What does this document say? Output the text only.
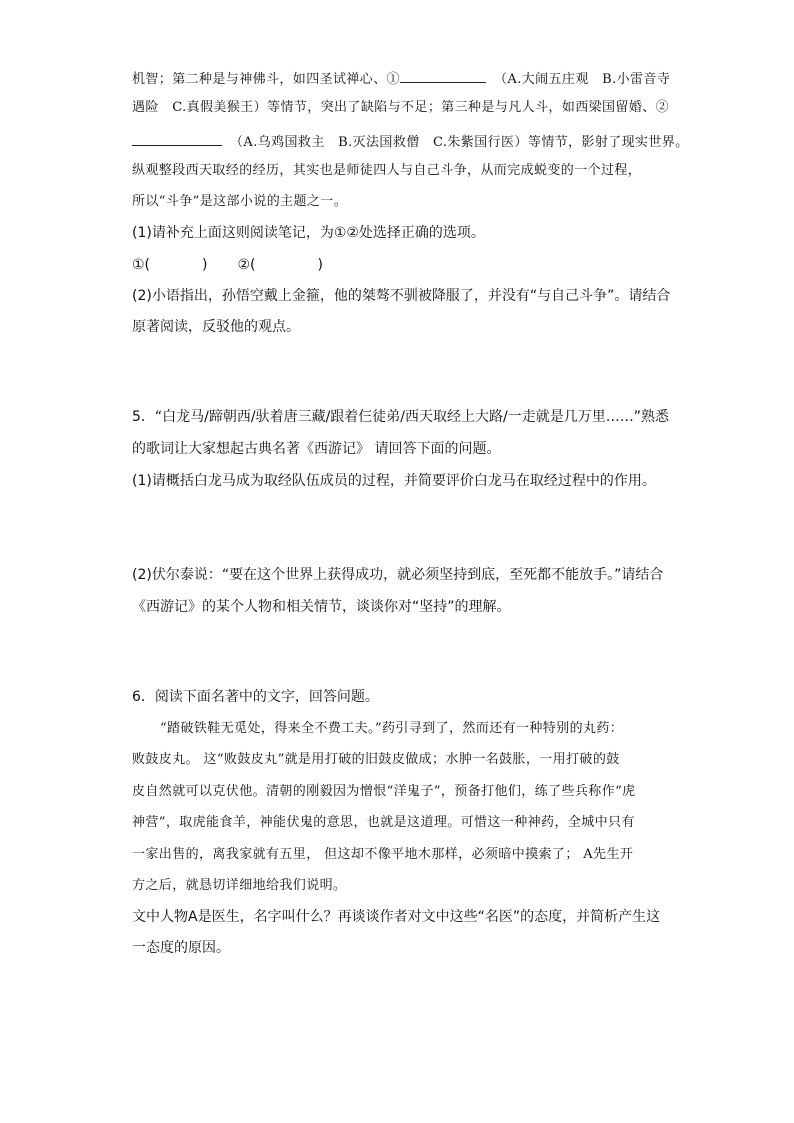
机智；第二种是与神佛斗，如四圣试禅心、①	（A.大闹五庄观　B.小雷音寺
遇险　C.真假美猴王）等情节，突出了缺陷与不足；第三种是与凡人斗，如西梁国留婚、②
（A.乌鸡国救主　B.灭法国救僧　C.朱紫国行医）等情节，影射了现实世界。
纵观整段西天取经的经历，其实也是师徒四人与自己斗争，从而完成蜕变的一个过程，
所以“斗争”是这部小说的主题之一。
(1)请补充上面这则阅读笔记，为①②处选择正确的选项。
①(	) ②(	)
(2)小语指出，孙悟空戴上金箍，他的桀骜不驯被降服了，并没有“与自己斗争”。请结合
原著阅读，反驳他的观点。
5．“白龙马/蹄朝西/驮着唐三藏/跟着仨徒弟/西天取经上大路/一走就是几万里……”熟悉
的歌词让大家想起古典名著《西游记》 请回答下面的问题。
(1)请概括白龙马成为取经队伍成员的过程，并简要评价白龙马在取经过程中的作用。
(2)伏尔泰说：“要在这个世界上获得成功，就必须坚持到底，至死都不能放手。”请结合
《西游记》的某个人物和相关情节，谈谈你对“坚持”的理解。
6．阅读下面名著中的文字，回答问题。
“踏破铁鞋无觅处，得来全不费工夫。”药引寻到了，然而还有一种特别的丸药：
败鼓皮丸。 这“败鼓皮丸”就是用打破的旧鼓皮做成；水肿一名鼓胀，一用打破的鼓
皮自然就可以克伏他。清朝的刚毅因为憎恨“洋鬼子”，预备打他们，练了些兵称作“虎
神营”，取虎能食羊，神能伏鬼的意思，也就是这道理。可惜这一种神药，全城中只有
一家出售的，离我家就有五里， 但这却不像平地木那样，必须暗中摸索了； A先生开
方之后，就恳切详细地给我们说明。
文中人物A是医生，名字叫什么？再谈谈作者对文中这些“名医”的态度，并简析产生这
一态度的原因。
